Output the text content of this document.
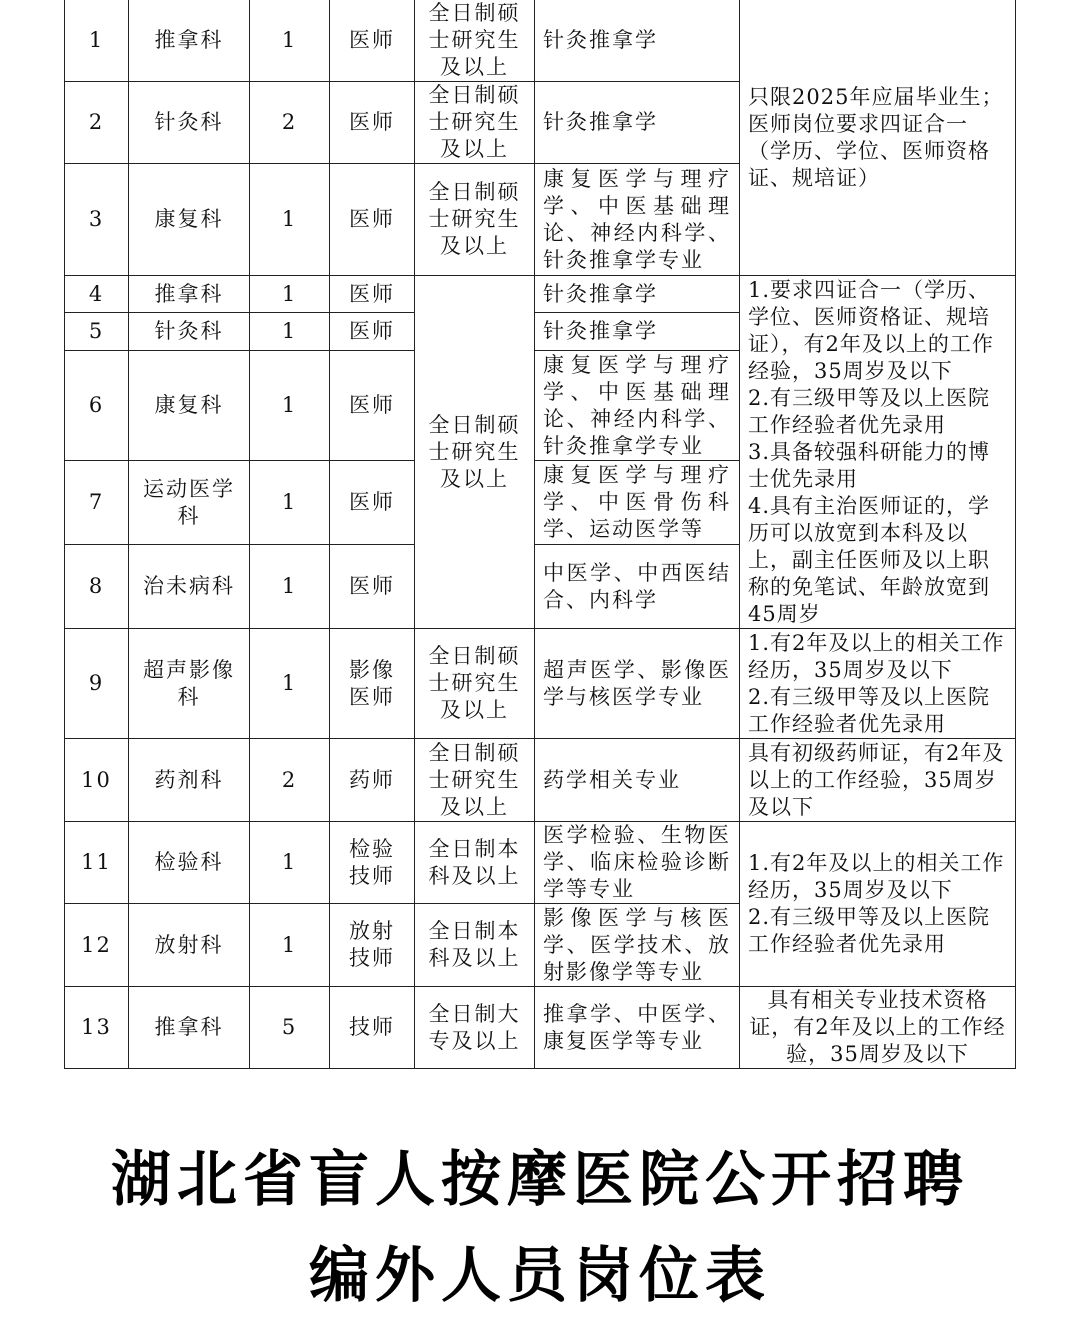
1	推拿科	1	医师	全日制硕
士研究生
及以上	针灸推拿学	只限2025年应届毕业生；医师岗位要求四证合一（学历、学位、医师资格证、规培证）
2	针灸科	2	医师	全日制硕
士研究生
及以上	针灸推拿学	
3	康复科	1	医师	全日制硕
士研究生
及以上	康复医学与理疗学、中医基础理论、神经内科学、针灸推拿学专业	
4	推拿科	1	医师	全日制硕
士研究生
及以上	针灸推拿学	1.要求四证合一（学历、学位、医师资格证、规培证），有2年及以上的工作经验，35周岁及以下
2.有三级甲等及以上医院工作经验者优先录用
3.具备较强科研能力的博士优先录用
4.具有主治医师证的，学历可以放宽到本科及以上，副主任医师及以上职称的免笔试、年龄放宽到45周岁

5	针灸科	1	医师		针灸推拿学	
6	康复科	1	医师		康复医学与理疗学、中医基础理论、神经内科学、针灸推拿学专业	
7	运动医学
科	1	医师		康复医学与理疗学、中医骨伤科学、运动医学等	
8	治未病科	1	医师		中医学、中西医结合、内科学	
9	超声影像
科	1	影像
医师	全日制硕
士研究生
及以上	超声医学、影像医学与核医学专业	1.有2年及以上的相关工作经历，35周岁及以下
2.有三级甲等及以上医院工作经验者优先录用

10	药剂科	2	药师	全日制硕
士研究生
及以上	药学相关专业	具有初级药师证，有2年及以上的工作经验，35周岁及以下
11	检验科	1	检验
技师	全日制本
科及以上	医学检验、生物医学、临床检验诊断学等专业	1.有2年及以上的相关工作经历，35周岁及以下
2.有三级甲等及以上医院工作经验者优先录用

12	放射科	1	放射
技师	全日制本
科及以上	影像医学与核医学、医学技术、放射影像学等专业	
13	推拿科	5	技师	全日制大
专及以上	推拿学、中医学、康复医学等专业	具有相关专业技术资格证，有2年及以上的工作经验，35周岁及以下
湖北省盲人按摩医院公开招聘
编外人员岗位表
